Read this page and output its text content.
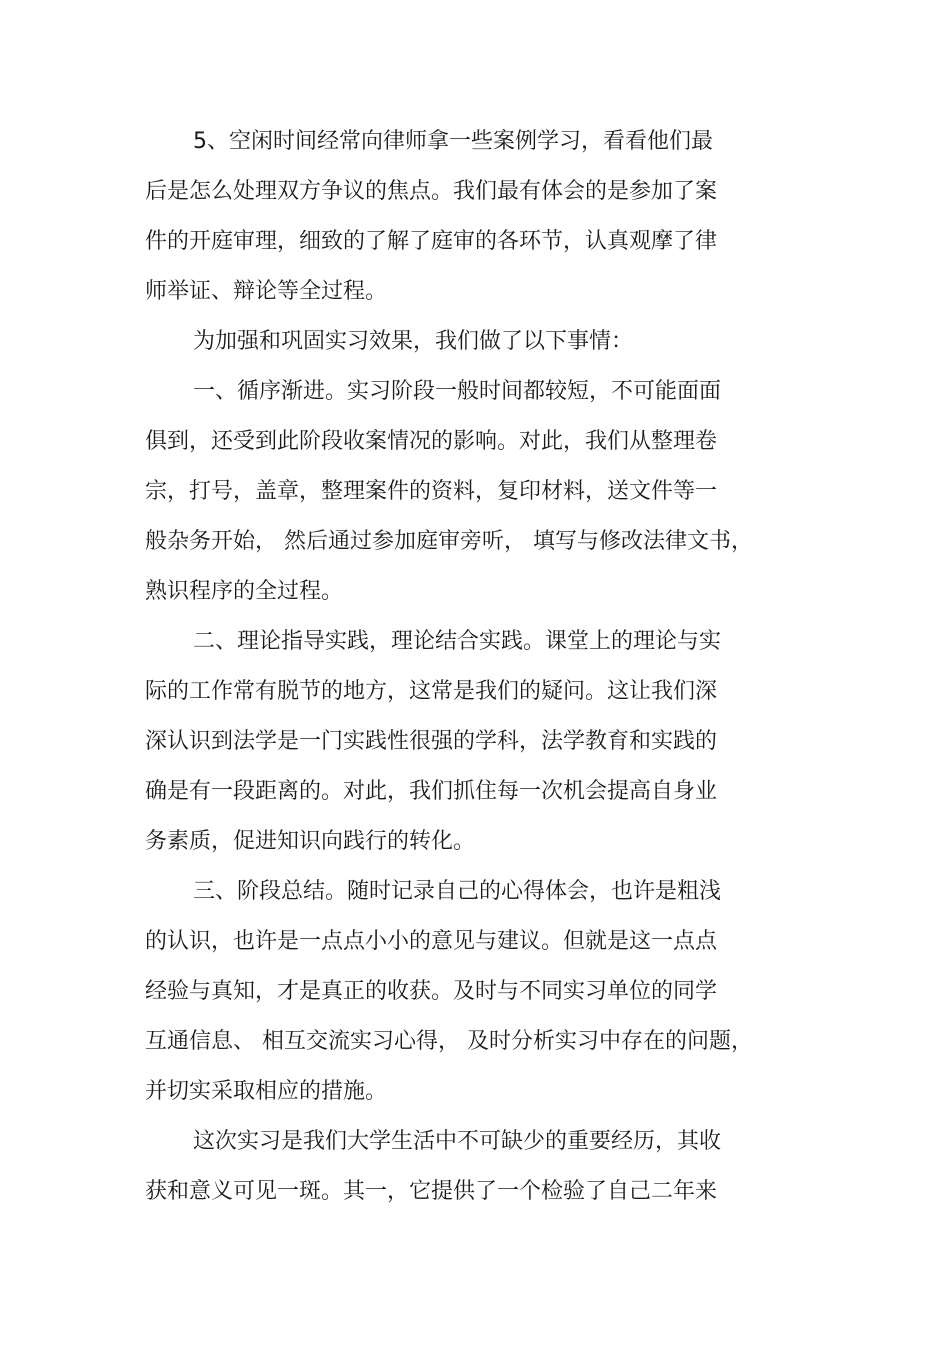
5、空闲时间经常向律师拿一些案例学习，看看他们最

后是怎么处理双方争议的焦点。我们最有体会的是参加了案

件的开庭审理，细致的了解了庭审的各环节，认真观摩了律

师举证、辩论等全过程。

为加强和巩固实习效果，我们做了以下事情：

一、循序渐进。实习阶段一般时间都较短，不可能面面

俱到，还受到此阶段收案情况的影响。对此，我们从整理卷

宗，打号，盖章，整理案件的资料，复印材料，送文件等一

般杂务开始， 然后通过参加庭审旁听， 填写与修改法律文书，

熟识程序的全过程。

二、理论指导实践，理论结合实践。课堂上的理论与实

际的工作常有脱节的地方，这常是我们的疑问。这让我们深

深认识到法学是一门实践性很强的学科，法学教育和实践的

确是有一段距离的。对此，我们抓住每一次机会提高自身业

务素质，促进知识向践行的转化。

三、阶段总结。随时记录自己的心得体会，也许是粗浅

的认识，也许是一点点小小的意见与建议。但就是这一点点

经验与真知，才是真正的收获。及时与不同实习单位的同学

互通信息、 相互交流实习心得， 及时分析实习中存在的问题，

并切实采取相应的措施。

这次实习是我们大学生活中不可缺少的重要经历，其收

获和意义可见一斑。其一，它提供了一个检验了自己二年来
